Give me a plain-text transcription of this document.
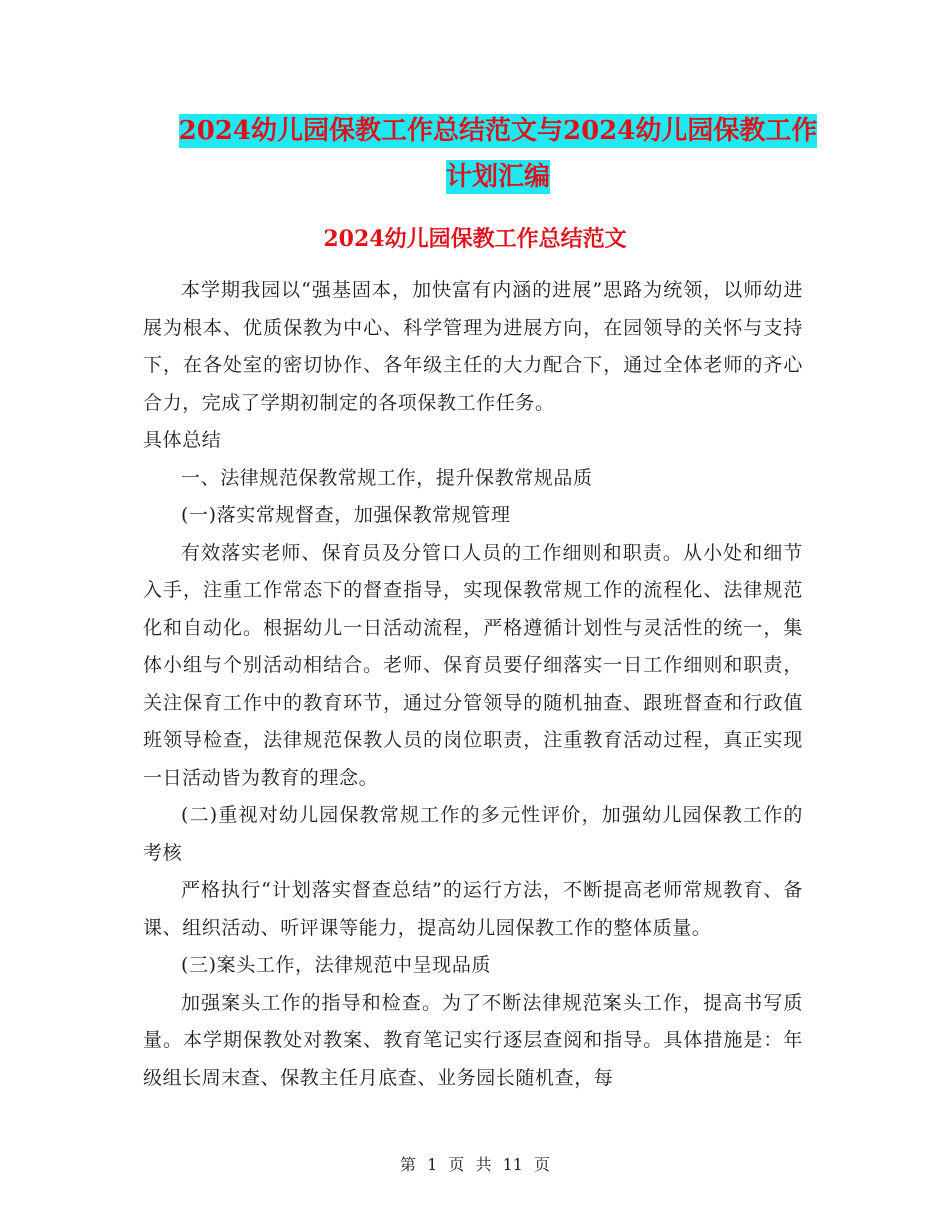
2024幼儿园保教工作总结范文与2024幼儿园保教工作
计划汇编
2024幼儿园保教工作总结范文

本学期我园以“强基固本，加快富有内涵的进展”思路为统领，以师幼进展为根本、优质保教为中心、科学管理为进展方向，在园领导的关怀与支持下，在各处室的密切协作、各年级主任的大力配合下，通过全体老师的齐心合力，完成了学期初制定的各项保教工作任务。

具体总结

一、法律规范保教常规工作，提升保教常规品质

(一)落实常规督查，加强保教常规管理

有效落实老师、保育员及分管口人员的工作细则和职责。从小处和细节入手，注重工作常态下的督查指导，实现保教常规工作的流程化、法律规范化和自动化。根据幼儿一日活动流程，严格遵循计划性与灵活性的统一，集体小组与个别活动相结合。老师、保育员要仔细落实一日工作细则和职责，关注保育工作中的教育环节，通过分管领导的随机抽查、跟班督查和行政值班领导检查，法律规范保教人员的岗位职责，注重教育活动过程，真正实现一日活动皆为教育的理念。

(二)重视对幼儿园保教常规工作的多元性评价，加强幼儿园保教工作的考核

严格执行“计划落实督查总结”的运行方法，不断提高老师常规教育、备课、组织活动、听评课等能力，提高幼儿园保教工作的整体质量。

(三)案头工作，法律规范中呈现品质

加强案头工作的指导和检查。为了不断法律规范案头工作，提高书写质量。本学期保教处对教案、教育笔记实行逐层查阅和指导。具体措施是：年级组长周末查、保教主任月底查、业务园长随机查，每

第 1 页 共 11 页
